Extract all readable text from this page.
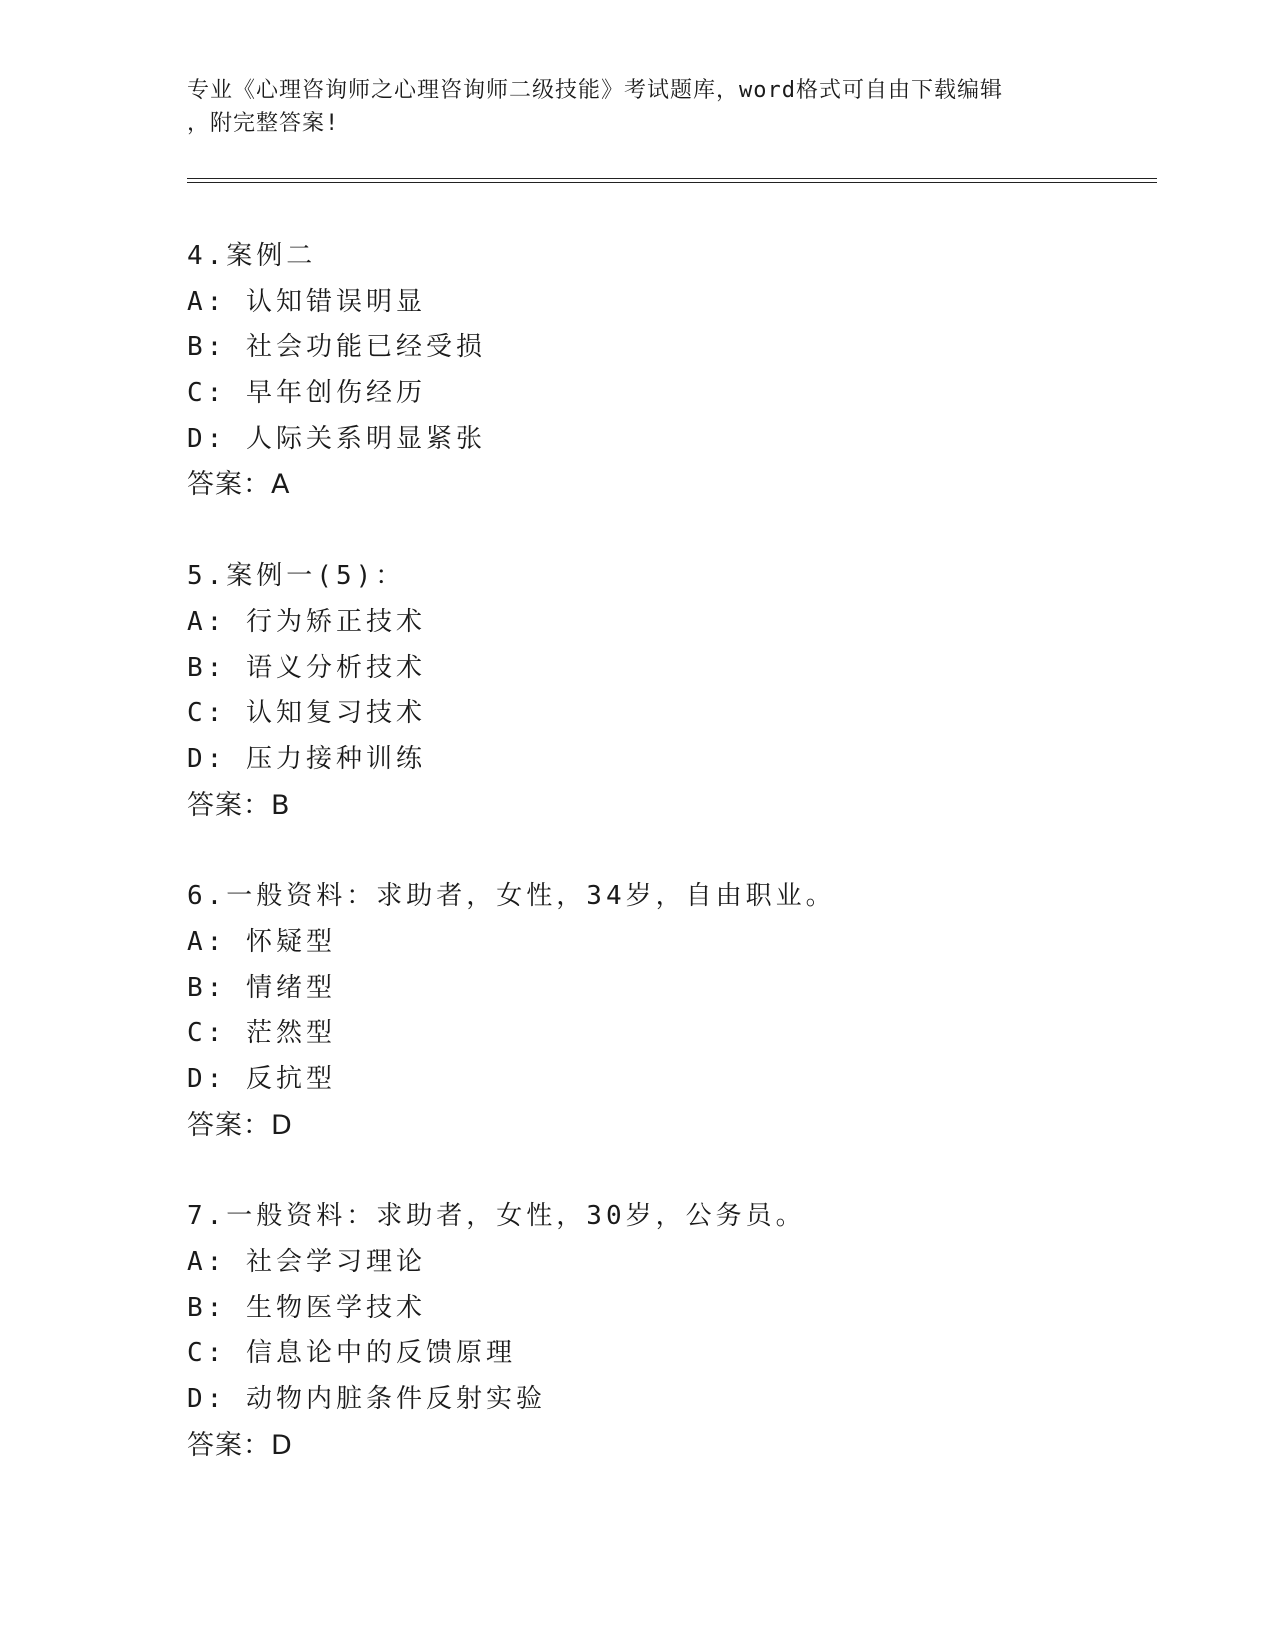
专业《心理咨询师之心理咨询师二级技能》考试题库，word格式可自由下载编辑
，附完整答案!
4.案例二
A: 认知错误明显
B: 社会功能已经受损
C: 早年创伤经历
D: 人际关系明显紧张
答案：A
5.案例一(5)：
A: 行为矫正技术
B: 语义分析技术
C: 认知复习技术
D: 压力接种训练
答案：B
6.一般资料：求助者，女性，34岁，自由职业。
A: 怀疑型
B: 情绪型
C: 茫然型
D: 反抗型
答案：D
7.一般资料：求助者，女性，30岁，公务员。
A: 社会学习理论
B: 生物医学技术
C: 信息论中的反馈原理
D: 动物内脏条件反射实验
答案：D
